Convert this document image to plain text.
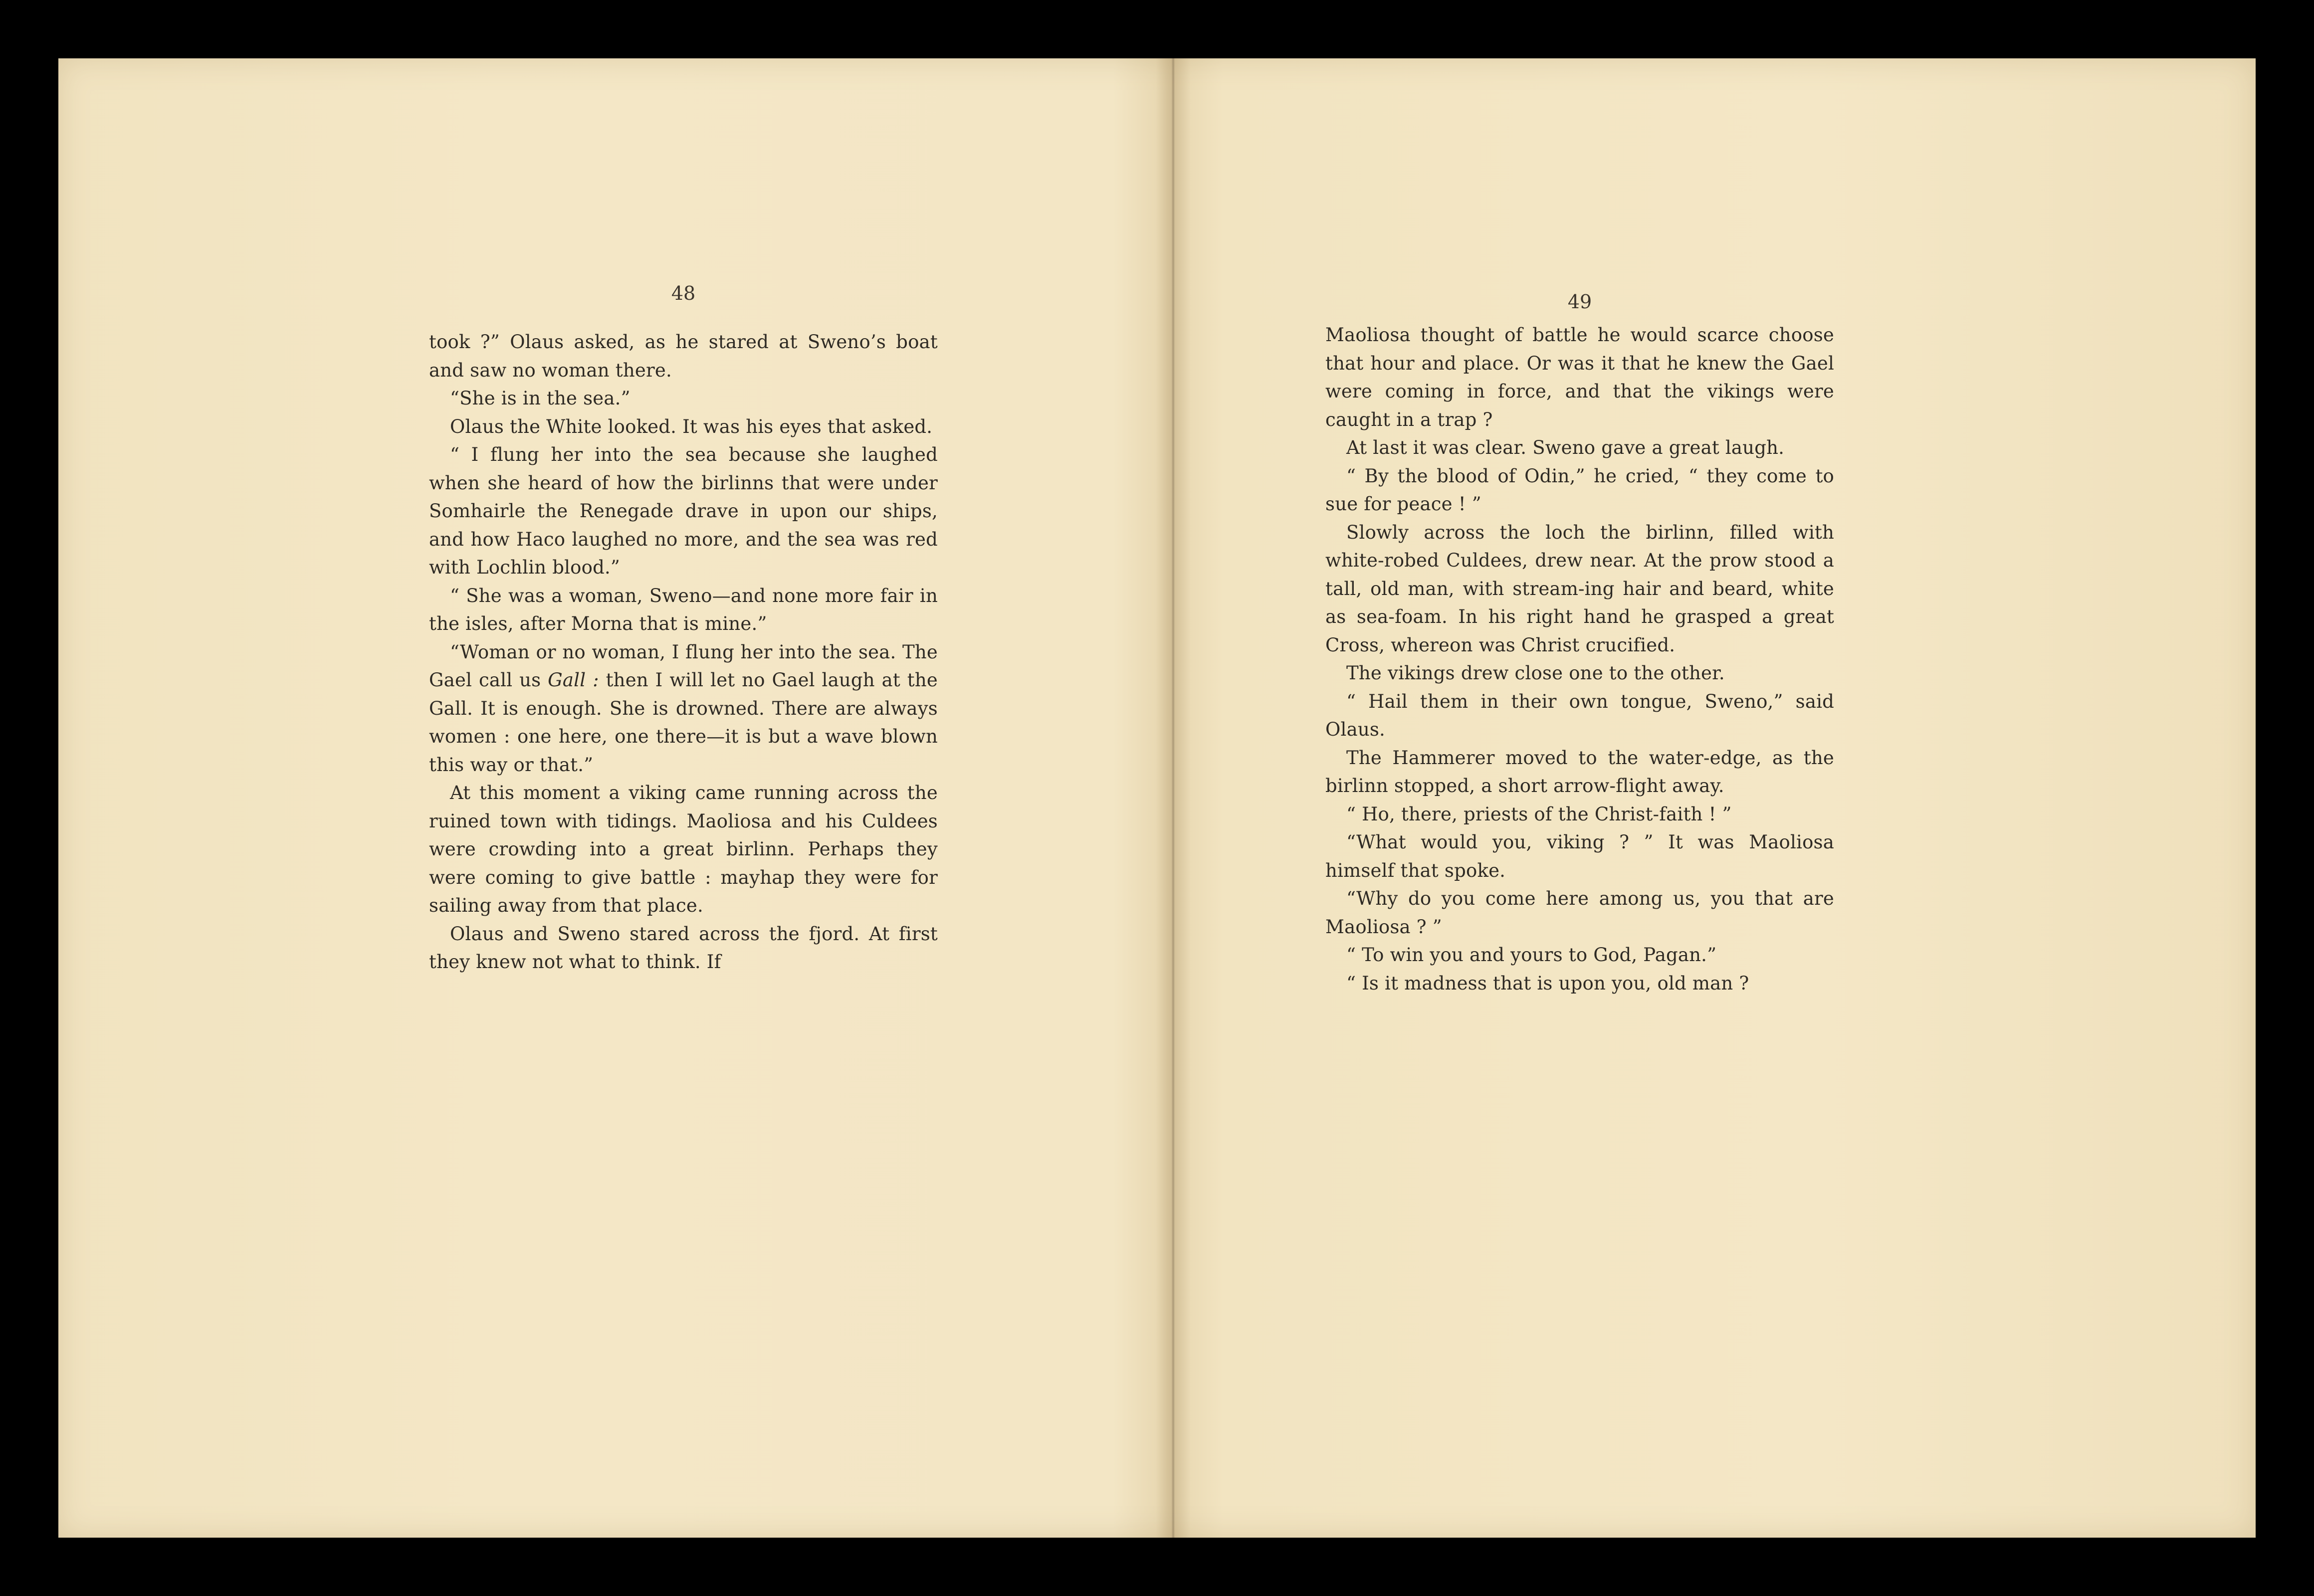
48

took ?” Olaus asked, as he stared at Sweno’s boat and saw no woman there.

“She is in the sea.”

Olaus the White looked. It was his eyes that asked.

“ I flung her into the sea because she laughed when she heard of how the birlinns that were under Somhairle the Renegade drave in upon our ships, and how Haco laughed no more, and the sea was red with Lochlin blood.”

“ She was a woman, Sweno—and none more fair in the isles, after Morna that is mine.”

“Woman or no woman, I flung her into the sea. The Gael call us Gall : then I will let no Gael laugh at the Gall. It is enough. She is drowned. There are always women : one here, one there—it is but a wave blown this way or that.”

At this moment a viking came running across the ruined town with tidings. Maoliosa and his Culdees were crowding into a great birlinn. Perhaps they were coming to give battle : mayhap they were for sailing away from that place.

Olaus and Sweno stared across the fjord. At first they knew not what to think. If

49

Maoliosa thought of battle he would scarce choose that hour and place. Or was it that he knew the Gael were coming in force, and that the vikings were caught in a trap ?

At last it was clear. Sweno gave a great laugh.

“ By the blood of Odin,” he cried, “ they come to sue for peace ! ”

Slowly across the loch the birlinn, filled with white-robed Culdees, drew near. At the prow stood a tall, old man, with stream-ing hair and beard, white as sea-foam. In his right hand he grasped a great Cross, whereon was Christ crucified.

The vikings drew close one to the other.

“ Hail them in their own tongue, Sweno,” said Olaus.

The Hammerer moved to the water-edge, as the birlinn stopped, a short arrow-flight away.

“ Ho, there, priests of the Christ-faith ! ”

“What would you, viking ? ” It was Maoliosa himself that spoke.

“Why do you come here among us, you that are Maoliosa ? ”

“ To win you and yours to God, Pagan.”

“ Is it madness that is upon you, old man ?
